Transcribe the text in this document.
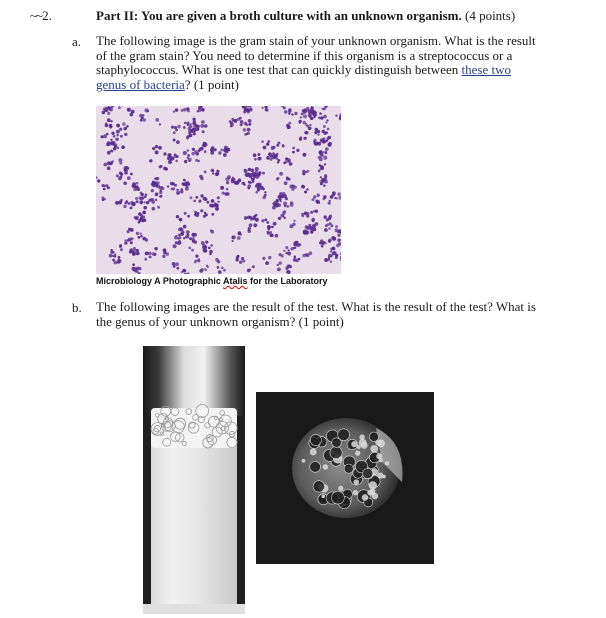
~~2.	Part II: You are given a broth culture with an unknown organism. (4 points)
a. The following image is the gram stain of your unknown organism. What is the result
of the gram stain? You need to determine if this organism is a streptococcus or a
staphylococcus. What is one test that can quickly distinguish between these two
genus of bacteria? (1 point)
Microbiology A Photographic Atalis for the Laboratory
b. The following images are the result of the test. What is the result of the test? What is
the genus of your unknown organism? (1 point)
